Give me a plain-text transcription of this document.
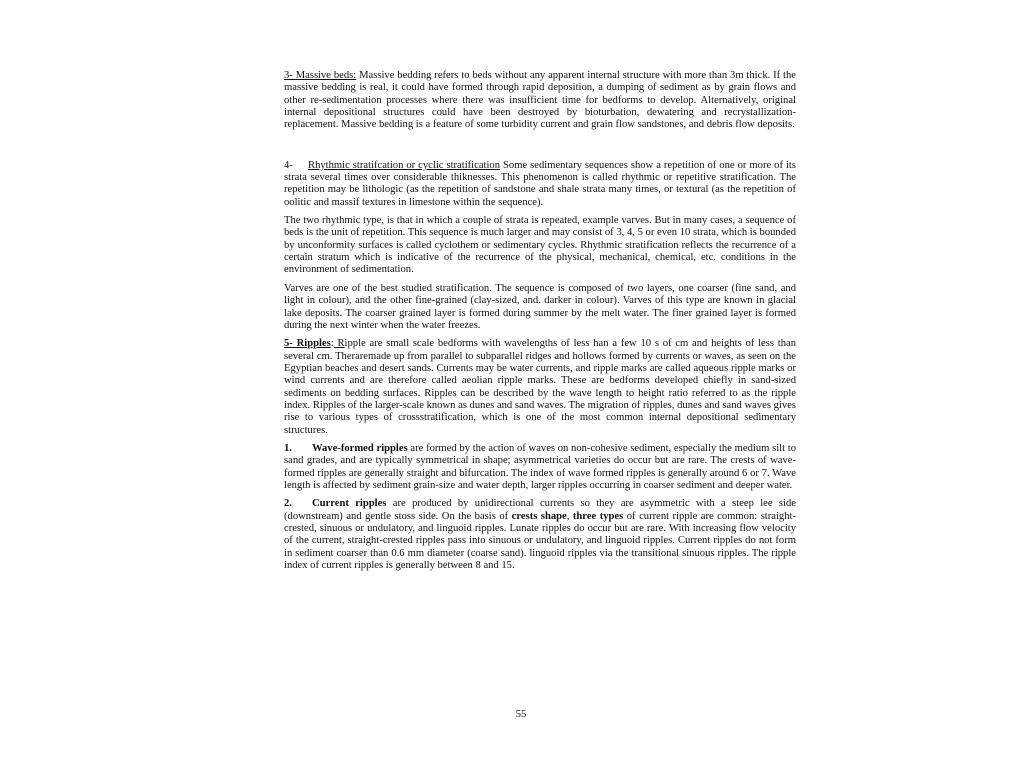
3- Massive beds: Massive bedding refers to beds without any apparent internal structure with more than 3m thick. If the massive bedding is real, it could have formed through rapid deposition, a dumping of sediment as by grain flows and other re-sedimentation processes where there was insufficient time for bedforms to develop. Alternatively, original internal depositional structures could have been destroyed by bioturbation, dewatering and recrystallization-replacement. Massive bedding is a feature of some turbidity current and grain flow sandstones, and debris flow deposits.

4- Rhythmic stratifcation or cyclic stratification Some sedimentary sequences show a repetition of one or more of its strata several times over considerable thiknesses. This phenomenon is called rhythmic or repetitive stratification. The repetition may be lithologic (as the repetition of sandstone and shale strata many times, or textural (as the repetition of oolitic and massif textures in limestone within the sequence).

The two rhythmic type, is that in which a couple of strata is repeated, example varves. But in many cases, a sequence of beds is the unit of repetition. This sequence is much larger and may consist of 3, 4, 5 or even 10 strata, which is bounded by unconformity surfaces is called cyclothem or sedimentary cycles. Rhythmic stratification reflects the recurrence of a certain stratum which is indicative of the recurrence of the physical, mechanical, chemical, etc. conditions in the environment of sedimentation.

Varves are one of the best studied stratification. The sequence is composed of two layers, one coarser (fine sand, and light in colour), and the other fine-grained (clay-sized, and. darker in colour). Varves of this type are known in glacial lake deposits. The coarser grained layer is formed during summer by the melt water. The finer grained layer is formed during the next winter when the water freezes.

5- Ripples: Ripple are small scale bedforms with wavelengths of less han a few 10 s of cm and heights of less than several cm. Theraremade up from parallel to subparallel ridges and hollows formed by currents or waves, as seen on the Egyptian beaches and desert sands. Currents may be water currents, and ripple marks are called aqueous ripple marks or wind currents and are therefore called aeolian ripple marks. These are bedforms developed chiefly in sand-sized sediments on bedding surfaces. Ripples can be described by the wave length to height ratio referred to as the ripple index. Ripples of the larger-scale known as dunes and sand waves. The migration of ripples, dunes and sand waves gives rise to various types of crossstratification, which is one of the most common internal depositional sedimentary structures.

1. Wave-formed ripples are formed by the action of waves on non-cohesive sediment, especially the medium silt to sand grades, and are typically symmetrical in shape; asymmetrical varieties do occur but are rare. The crests of wave-formed ripples are generally straight and bifurcation. The index of wave formed ripples is generally around 6 or 7. Wave length is affected by sediment grain-size and water depth, larger ripples occurring in coarser sediment and deeper water.

2. Current ripples are produced by unidirectional currents so they are asymmetric with a steep lee side (downstream) and gentle stoss side. On the basis of crests shape, three types of current ripple are common: straight-crested, sinuous or undulatory, and linguoid ripples. Lunate ripples do occur but are rare. With increasing flow velocity of the current, straight-crested ripples pass into sinuous or undulatory, and linguoid ripples. Current ripples do not form in sediment coarser than 0.6 mm diameter (coarse sand). linguoid ripples via the transitional sinuous ripples. The ripple index of current ripples is generally between 8 and 15.

55
